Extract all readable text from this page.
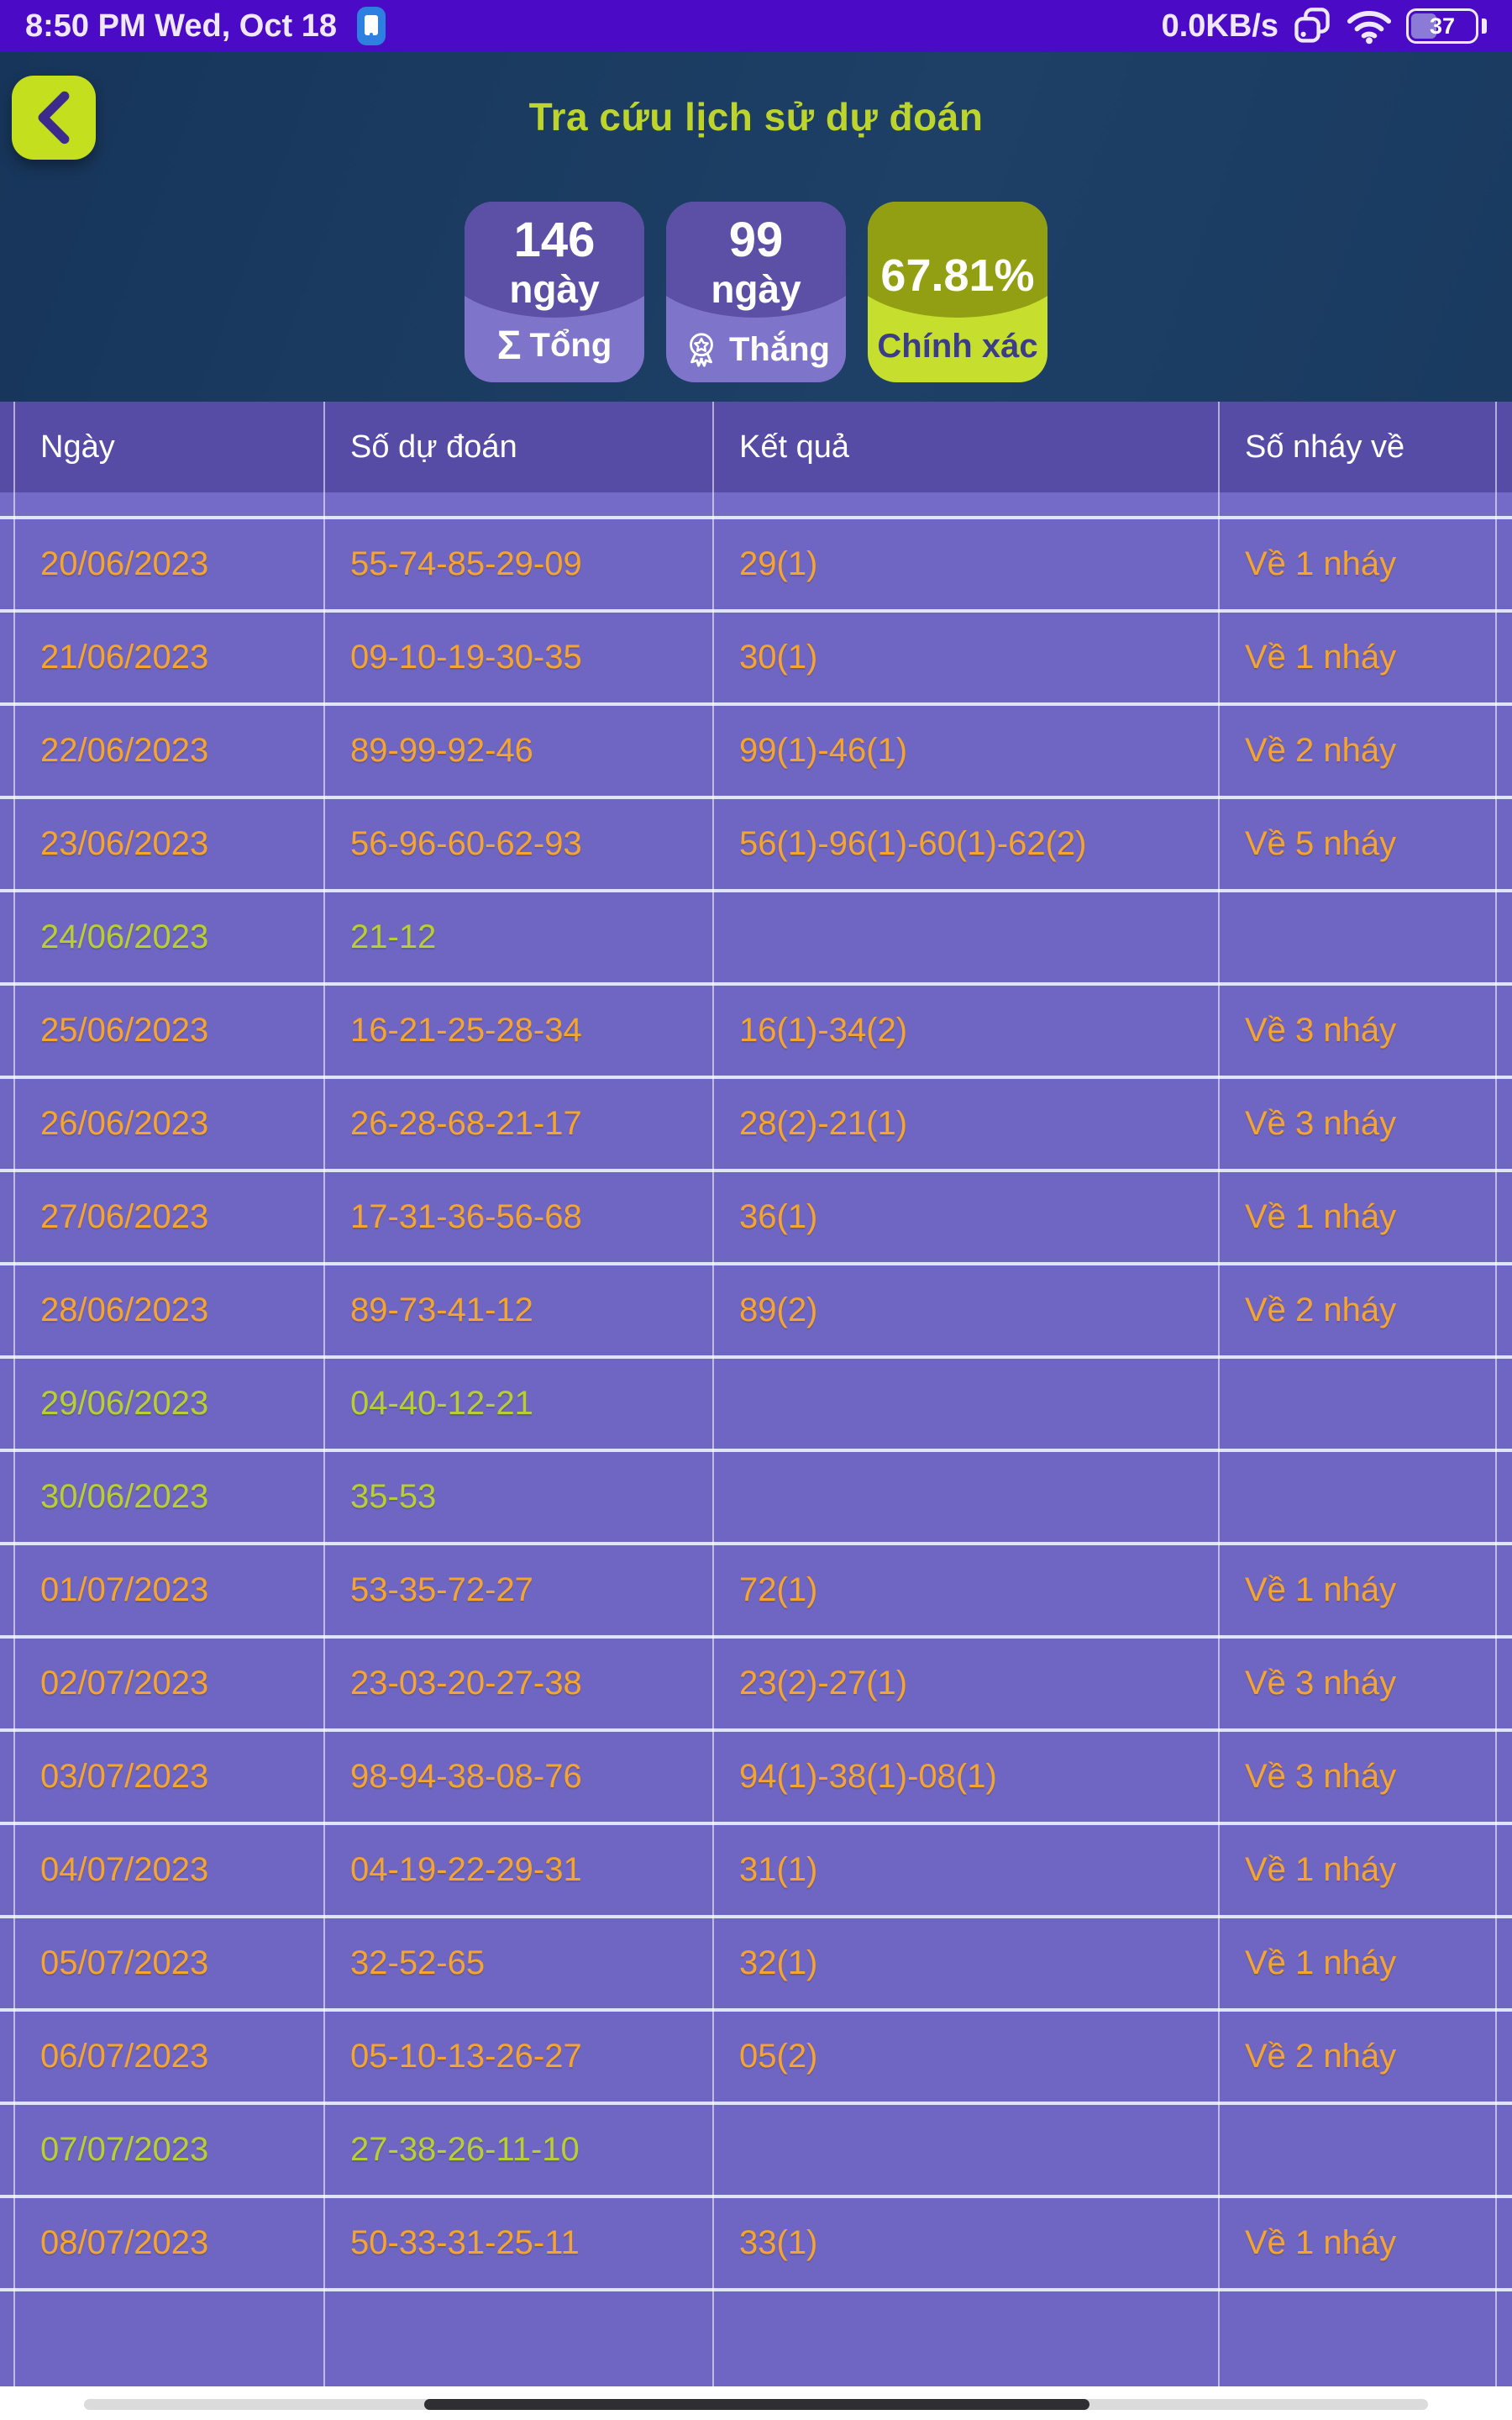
8:50 PM Wed, Oct 18	0.0KB/s	37
Tra cứu lịch sử dự đoán
146
ngày
Σ Tổng
99
ngày
Thắng
67.81%
Chính xác
Ngày	Số dự đoán	Kết quả	Số nháy về
20/06/2023	55-74-85-29-09	29(1)	Về 1 nháy
21/06/2023	09-10-19-30-35	30(1)	Về 1 nháy
22/06/2023	89-99-92-46	99(1)-46(1)	Về 2 nháy
23/06/2023	56-96-60-62-93	56(1)-96(1)-60(1)-62(2)	Về 5 nháy
24/06/2023	21-12
25/06/2023	16-21-25-28-34	16(1)-34(2)	Về 3 nháy
26/06/2023	26-28-68-21-17	28(2)-21(1)	Về 3 nháy
27/06/2023	17-31-36-56-68	36(1)	Về 1 nháy
28/06/2023	89-73-41-12	89(2)	Về 2 nháy
29/06/2023	04-40-12-21
30/06/2023	35-53
01/07/2023	53-35-72-27	72(1)	Về 1 nháy
02/07/2023	23-03-20-27-38	23(2)-27(1)	Về 3 nháy
03/07/2023	98-94-38-08-76	94(1)-38(1)-08(1)	Về 3 nháy
04/07/2023	04-19-22-29-31	31(1)	Về 1 nháy
05/07/2023	32-52-65	32(1)	Về 1 nháy
06/07/2023	05-10-13-26-27	05(2)	Về 2 nháy
07/07/2023	27-38-26-11-10
08/07/2023	50-33-31-25-11	33(1)	Về 1 nháy
